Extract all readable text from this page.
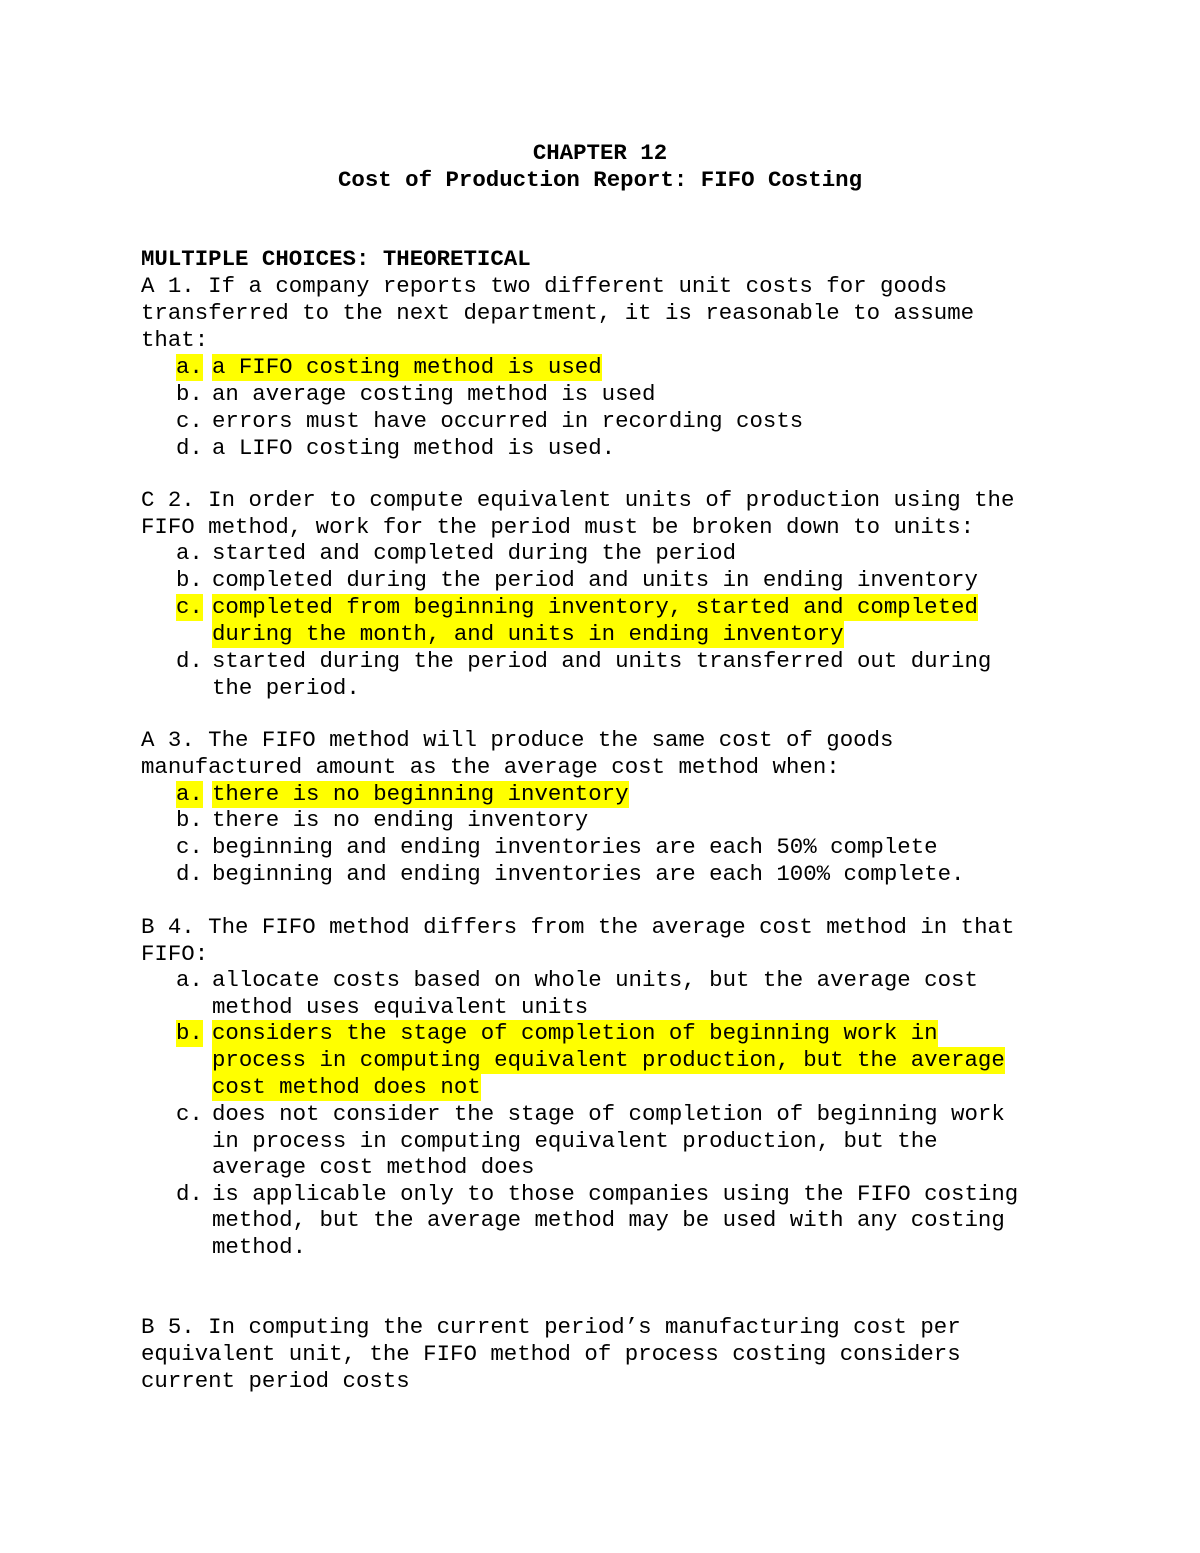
CHAPTER 12
Cost of Production Report: FIFO Costing
MULTIPLE CHOICES: THEORETICAL
A 1. If a company reports two different unit costs for goods
transferred to the next department, it is reasonable to assume
that:
a. a FIFO costing method is used
b. an average costing method is used
c. errors must have occurred in recording costs
d. a LIFO costing method is used.
C 2. In order to compute equivalent units of production using the
FIFO method, work for the period must be broken down to units:
a. started and completed during the period
b. completed during the period and units in ending inventory
c. completed from beginning inventory, started and completed
during the month, and units in ending inventory
d. started during the period and units transferred out during
the period.
A 3. The FIFO method will produce the same cost of goods
manufactured amount as the average cost method when:
a. there is no beginning inventory
b. there is no ending inventory
c. beginning and ending inventories are each 50% complete
d. beginning and ending inventories are each 100% complete.
B 4. The FIFO method differs from the average cost method in that
FIFO:
a. allocate costs based on whole units, but the average cost
method uses equivalent units
b. considers the stage of completion of beginning work in
process in computing equivalent production, but the average
cost method does not
c. does not consider the stage of completion of beginning work
in process in computing equivalent production, but the
average cost method does
d. is applicable only to those companies using the FIFO costing
method, but the average method may be used with any costing
method.
B 5. In computing the current period’s manufacturing cost per
equivalent unit, the FIFO method of process costing considers
current period costs
